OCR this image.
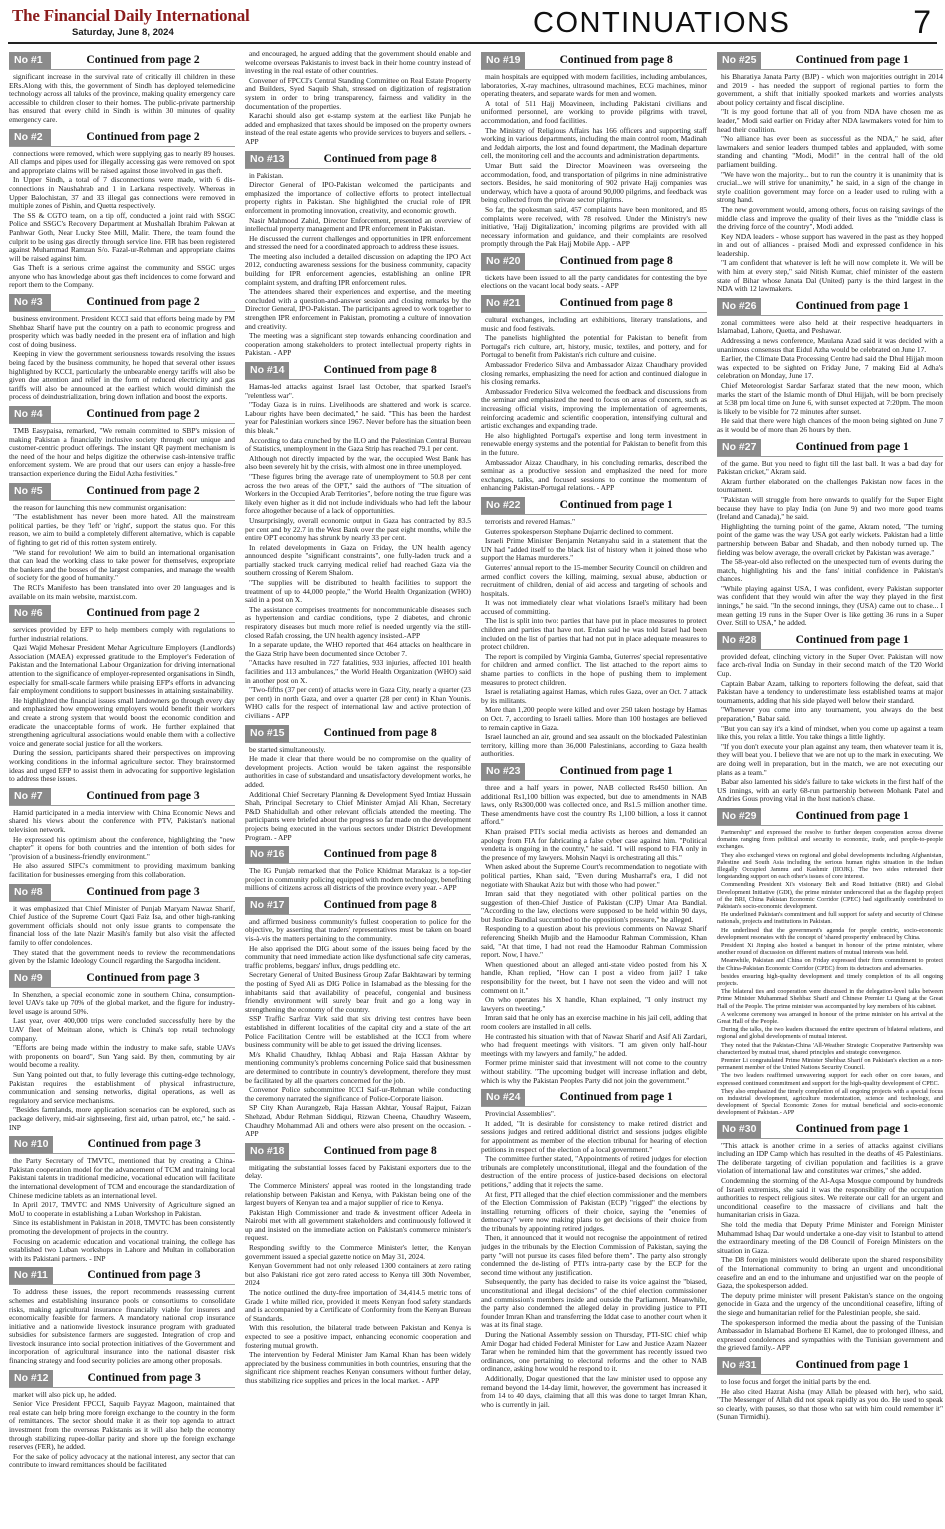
The Financial Daily International
Saturday, June 8, 2024	CONTINUATIONS	7
No #1	Continued from page 2

significant increase in the survival rate of critically ill children in these ERs.Along with this, the government of Sindh has deployed telemedicine technology across all taluks of the province, making quality emergency care accessible to children closer to their homes. The public-private partnership has ensured that every child in Sindh is within 30 minutes of quality emergency care.

No #2	Continued from page 2

connections were removed, which were supplying gas to nearly 89 houses. All clamps and pipes used for illegally accessing gas were removed on spot and appropriate claims will be raised against those involved in gas theft.

In Upper Sindh, a total of 7 disconnections were made, with 6 dis-connections in Naushahrab and 1 in Larkana respectively. Whereas in Upper Balochistan, 37 and 33 illegal gas connections were removed in multiple zones of Pishin, and Quetta respectively.

The SS & CGTO team, on a tip off, conducted a joint raid with SSGC Police and SSGC's Recovery Department at Mushallah Ibrahim Pakwan at Panhwar Goth, Near Lucky Stee Mill, Malir. There, the team found the culprit to be using gas directly through service line. FIR has been registered against Muhammad Ramzan S/o. Fazal-ur-Rehman and appropriate claims will be raised against him.

Gas Theft is a serious crime against the community and SSGC urges anyone who has knowledge about gas theft incidences to come forward and report them to the Company.

No #3	Continued from page 2

business environment. President KCCI said that efforts being made by PM Shehbaz Sharif have put the country on a path to economic progress and prosperity which was badly needed in the present era of inflation and high cost of doing business.

Keeping in view the government seriousness towards resolving the issues being faced by the business community, he hoped that several other issues highlighted by KCCI, particularly the unbearable energy tariffs will also be given due attention and relief in the form of reduced electricity and gas tariffs will also be announced at the earliest which would diminish the process of deindustrialization, bring down inflation and boost the exports.

No #4	Continued from page 2

TMB Easypaisa, remarked, "We remain committed to SBP's mission of making Pakistan a financially inclusive society through our unique and customer-centric product offerings. The instant QR payment mechanism is the need of the hour and helps digitize the otherwise cash-intensive traffic enforcement system. We are proud that our users can enjoy a hassle-free transaction experience during the Eidul Azha festivities."

No #5	Continued from page 2

the reason for launching this new communist organisation:

"The establishment has never been more hated. All the mainstream political parties, be they 'left' or 'right', support the status quo. For this reason, we aim to build a completely different alternative, which is capable of fighting to get rid of this rotten system entirely.

"We stand for revolution! We aim to build an international organisation that can lead the working class to take power for themselves, expropriate the bankers and the bosses of the largest companies, and manage the wealth of society for the good of humanity."

The RCI's Manifesto has been translated into over 20 languages and is available on its main website, marxist.com.

No #6	Continued from page 2

services provided by EFP to help members comply with regulations to further industrial relations.

Qazi Wajid Mehesar President Mehar Agriculture Employers (Landlords) Association (MAEA) expressed gratitude to the Employer's Federation of Pakistan and the International Labour Organization for driving international attention to the significance of employer-represented organisations in Sindh, especially for small-scale farmers while praising EFP's efforts in advancing fair employment conditions to support businesses in attaining sustainability.

He highlighted the financial issues small landowners go through every day and emphasized how empowering employers would benefit their workers and create a strong system that would boost the economic condition and eradicate the unacceptable forms of work. He further explained that strengthening agricultural associations would enable them with a collective voice and generate social justice for all the workers.

During the session, participants shared their perspectives on improving working conditions in the informal agriculture sector. They brainstormed ideas and urged EFP to assist them in advocating for supportive legislation to address these issues.

No #7	Continued from page 3

Hamid participated in a media interview with China Economic News and shared his views about the conference with PTV, Pakistan's national television network.

He expressed his optimism about the conference, highlighting the "new chapter" it opens for both countries and the intention of both sides for "provision of a business-friendly environment."

He also assured SIFC's commitment to providing maximum banking facilitation for businesses emerging from this collaboration.

No #8	Continued from page 3

it was emphasized that Chief Minister of Punjab Maryam Nawaz Sharif, Chief Justice of the Supreme Court Qazi Faiz Isa, and other high-ranking government officials should not only issue grants to compensate the financial loss of the late Nazir Masih's family but also visit the affected family to offer condolences.

They stated that the government needs to review the recommendations given by the Islamic Ideology Council regarding the Sargodha incident.

No #9	Continued from page 3

In Shenzhen, a special economic zone in southern China, consumption-level UAVs take up 70% of the global market, and the figure for industry-level usage is around 50%.

Last year, over 400,000 trips were concluded successfully here by the UAV fleet of Meituan alone, which is China's top retail technology company.

"Efforts are being made within the industry to make safe, stable UAVs with proponents on board", Sun Yang said. By then, commuting by air would become a reality.

Sun Yang pointed out that, to fully leverage this cutting-edge technology, Pakistan requires the establishment of physical infrastructure, communication and sensing networks, digital operations, as well as regulatory and service mechanisms.

"Besides farmlands, more application scenarios can be explored, such as package delivery, mid-air sightseeing, first aid, urban patrol, etc," he said. - INP

No #10	Continued from page 3

the Party Secretary of TMVTC, mentioned that by creating a China-Pakistan cooperation model for the advancement of TCM and training local Pakistani talents in traditional medicine, vocational education will facilitate the international development of TCM and encourage the standardization of Chinese medicine tablets as an international level.

In April 2017, TMVTC and NMS University of Agriculture signed an MoU to cooperate in establishing a Luban Workshop in Pakistan.

Since its establishment in Pakistan in 2018, TMVTC has been consistently promoting the development of projects in the country.

Focusing on academic education and vocational training, the college has established two Luban workshops in Lahore and Multan in collaboration with its Pakistani partners. - INP

No #11	Continued from page 3

To address these issues, the report recommends reassessing current schemes and establishing insurance pools or consortiums to consolidate risks, making agricultural insurance financially viable for insurers and economically feasible for farmers. A mandatory national crop insurance initiative and a nationwide livestock insurance program with graduated subsidies for subsistence farmers are suggested. Integration of crop and livestock insurance into social protection initiatives of the Government and incorporation of agricultural insurance into the national disaster risk financing strategy and food security policies are among other proposals.

No #12	Continued from page 3

market will also pick up, he added.

Senior Vice President FPCCI, Saquib Fayyaz Magoon, maintained that real estate can help bring more foreign exchange to the country in the form of remittances. The sector should make it as their top agenda to attract investment from the overseas Pakistanis as it will also help the economy through stabilizing rupee-dollar parity and shore up the foreign exchange reserves (FER), he added.

For the sake of policy advocacy at the national interest, any sector that can contribute to inward remittances should be facilitated

and encouraged, he argued adding that the government should enable and welcome overseas Pakistanis to invest back in their home country instead of investing in the real estate of other countries.

Convener of FPCCI's Central Standing Committee on Real Estate Property and Builders, Syed Saquib Shah, stressed on digitization of registration system in order to bring transparency, fairness and validity in the documentation of the properties.

Karachi should also get e-stamp system at the earliest like Punjab he added and emphasized that taxes should be imposed on the property owners instead of the real estate agents who provide services to buyers and sellers. - APP

No #13	Continued from page 8

in Pakistan.

Director General of IPO-Pakistan welcomed the participants and emphasized the importance of collective efforts to protect intellectual property rights in Pakistan. She highlighted the crucial role of IPR enforcement in promoting innovation, creativity, and economic growth.

Nasir Mahmood Zahid, Director Enforcement, presented an overview of intellectual property management and IPR enforcement in Pakistan.

He discussed the current challenges and opportunities in IPR enforcement and stressed the need for a coordinated approach to address these issues.

The meeting also included a detailed discussion on adapting the IPO Act 2012, conducting awareness sessions for the business community, capacity building for IPR enforcement agencies, establishing an online IPR complaint system, and drafting IPR enforcement rules.

The attendees shared their experiences and expertise, and the meeting concluded with a question-and-answer session and closing remarks by the Director General, IPO-Pakistan. The participants agreed to work together to strengthen IPR enforcement in Pakistan, promoting a culture of innovation and creativity.

The meeting was a significant step towards enhancing coordination and cooperation among stakeholders to protect intellectual property rights in Pakistan. - APP

No #14	Continued from page 8

Hamas-led attacks against Israel last October, that sparked Israel's "relentless war".

"Today Gaza is in ruins. Livelihoods are shattered and work is scarce. Labour rights have been decimated," he said. "This has been the hardest year for Palestinian workers since 1967. Never before has the situation been this bleak."

According to data crunched by the ILO and the Palestinian Central Bureau of Statistics, unemployment in the Gaza Strip has reached 79.1 per cent.

Although not directly impacted by the war, the occupied West Bank has also been severely hit by the crisis, with almost one in three unemployed.

"These figures bring the average rate of unemployment to 50.8 per cent across the two areas of the OPT," said the authors of "The situation of Workers in the Occupied Arab Territories", before noting the true figure was likely even higher as it did not include individuals who had left the labour force altogether because of a lack of opportunities.

Unsurprisingly, overall economic output in Gaza has contracted by 83.5 per cent and by 22.7 in the West Bank over the past eight months, while the entire OPT economy has shrunk by nearly 33 per cent.

In related developments in Gaza on Friday, the UN health agency announced despite "significant constraints", one fully-laden truck and a partially stacked truck carrying medical relief had reached Gaza via the southern crossing of Kerem Shalom.

"The supplies will be distributed to health facilities to support the treatment of up to 44,000 people," the World Health Organization (WHO) said in a post on X.

The assistance comprises treatments for noncommunicable diseases such as hypertension and cardiac conditions, type 2 diabetes, and chronic respiratory diseases but much more relief is needed urgently via the still-closed Rafah crossing, the UN health agency insisted.-APP

In a separate update, the WHO reported that 464 attacks on healthcare in the Gaza Strip have been documented since October 7.

"Attacks have resulted in 727 fatalities, 933 injuries, affected 101 health facilities and 113 ambulances," the World Health Organization (WHO) said in another post on X.

"Two-fifths (37 per cent) of attacks were in Gaza City, nearly a quarter (23 per cent) in north Gaza, and over a quarter (28 per cent) in Khan Younis. WHO calls for the respect of international law and active protection of civilians - APP

No #15	Continued from page 8

be started simultaneously.

He made it clear that there would be no compromise on the quality of development projects. Action would be taken against the responsible authorities in case of substandard and unsatisfactory development works, he added.

Additional Chief Secretary Planning & Development Syed Imtiaz Hussain Shah, Principal Secretary to Chief Minister Amjad Ali Khan, Secretary P&D Shahidullah and other relevant officials attended the meeting. The participants were briefed about the progress so far made on the development projects being executed in the various sectors under District Development Program. - APP

No #16	Continued from page 8

The IG Punjab remarked that the Police Khidmat Marakaz is a top-tier project in community policing equipped with modern technology, benefiting millions of citizens across all districts of the province every year. - APP

No #17	Continued from page 8

and affirmed business community's fullest cooperation to police for the objective, by asserting that traders' representatives must be taken on board vis-à-vis the matters pertaining to the community.

He also apprised the DIG about some of the issues being faced by the community that need immediate action like dysfunctional safe city cameras, traffic problems, beggars' influx, drugs peddling etc.

Secretary General of United Business Group Zafar Bakhtawari by terming the posting of Syed Ali as DIG Police in Islamabad as the blessing for the inhabitants said that availability of peaceful, congenial and business friendly environment will surely bear fruit and go a long way in strengthening the economy of the country.

SSP Traffic Sarfraz Virk said that six driving test centres have been established in different localities of the capital city and a state of the art Police Facilitation Centre will be established at the ICCI from where business community will be able to get issued the driving licenses.

M/s Khalid Chaudhry, Ikhlaq Abbasi and Raja Hassan Akhtar by mentioning community's problems concerning Police said that businessmen are determined to contribute in country's development, therefore they must be facilitated by all the quarters concerned for the job.

Convenor Police subcommittee ICCI Saif-ur-Rehman while conducting the ceremony narrated the significance of Police-Corporate liaison.

SP City Khan Aurangzeb, Raja Hassan Akhtar, Yousaf Rajput, Faizan Shehzad, Abdur Rehman Siddiqui, Rizwan Cheena, Chaudhry Waseem, Chaudhry Mohammad Ali and others were also present on the occasion. - APP

No #18	Continued from page 8

mitigating the substantial losses faced by Pakistani exporters due to the delay.

The Commerce Ministers' appeal was rooted in the longstanding trade relationship between Pakistan and Kenya, with Pakistan being one of the largest buyers of Kenyan tea and a major supplier of rice to Kenya.

Pakistan High Commissioner and trade & investment officer Adeela in Nairobi met with all government stakeholders and continuously followed it up and insisted on the immediate action on Pakistan's commerce minister's request.

Responding swiftly to the Commerce Minister's letter, the Kenyan government issued a special gazette notice on May 31, 2024.

Kenyan Government had not only released 1300 containers at zero rating but also Pakistani rice got zero rated access to Kenya till 30th November, 2024

The notice outlined the duty-free importation of 34,414.5 metric tons of Grade 1 white milled rice, provided it meets Kenyan food safety standards and is accompanied by a Certificate of Conformity from the Kenyan Bureau of Standards.

With this resolution, the bilateral trade between Pakistan and Kenya is expected to see a positive impact, enhancing economic cooperation and fostering mutual growth.

The intervention by Federal Minister Jam Kamal Khan has been widely appreciated by the business communities in both countries, ensuring that the significant rice shipment reaches Kenyan consumers without further delay, thus stabilizing rice supplies and prices in the local market. - APP

No #19	Continued from page 8

main hospitals are equipped with modern facilities, including ambulances, laboratories, X-ray machines, ultrasound machines, ECG machines, minor operating theaters, and separate wards for men and women.

A total of 511 Hajj Moavineen, including Pakistani civilians and uniformed personnel, are working to provide pilgrims with travel, accommodation, and food facilities.

The Ministry of Religious Affairs has 166 officers and supporting staff working in various departments, including the main control room, Madinah and Jeddah airports, the lost and found department, the Madinah departure cell, the monitoring cell and the accounts and administration departments.

Umar Butt said the Director Moavineen was overseeing the accommodation, food, and transportation of pilgrims in nine administrative sectors. Besides, he said monitoring of 902 private Hajj companies was underway, which have a quota of around 90,000 pilgrims, and feedback was being collected from the private sector pilgrims.

So far, the spokesman said, 457 complaints have been monitored, and 85 complaints were received, with 78 resolved. Under the Ministry's new initiative, 'Hajj Digitalization,' incoming pilgrims are provided with all necessary information and guidance, and their complaints are resolved promptly through the Pak Hajj Mobile App. - APP

No #20	Continued from page 8

tickets have been issued to all the party candidates for contesting the bye elections on the vacant local body seats. - APP

No #21	Continued from page 8

cultural exchanges, including art exhibitions, literary translations, and music and food festivals.

The panelists highlighted the potential for Pakistan to benefit from Portugal's rich culture, art, history, music, textiles, and pottery, and for Portugal to benefit from Pakistan's rich culture and cuisine.

Ambassador Frederico Silva and Ambassador Aizaz Chaudhary provided closing remarks, emphasizing the need for action and continued dialogue in his closing remarks.

Ambassador Frederico Silva welcomed the feedback and discussions from the seminar and emphasized the need to focus on areas of concern, such as increasing official visits, improving the implementation of agreements, reinforcing academic and scientific cooperation, intensifying cultural and artistic exchanges and expanding trade.

He also highlighted Portugal's expertise and long term investment in renewable energy systems and the potential for Pakistan to benefit from this in the future.

Ambassador Aizaz Chaudhary, in his concluding remarks, described the seminar as a productive session and emphasized the need for more exchanges, talks, and focused sessions to continue the momentum of enhancing Pakistan-Portugal relations. - APP

No #22	Continued from page 1

terrorists and revered Hamas."

Guterres spokesperson Stephane Dujarric declined to comment.

Israeli Prime Minister Benjamin Netanyahu said in a statement that the UN had "added itself to the black list of history when it joined those who support the Hamas murderers."

Guterres' annual report to the 15-member Security Council on children and armed conflict covers the killing, maiming, sexual abuse, abduction or recruitment of children, denial of aid access and targeting of schools and hospitals.

It was not immediately clear what violations Israel's military had been accused of committing.

The list is split into two: parties that have put in place measures to protect children and parties that have not. Erdan said he was told Israel had been included on the list of parties that had not put in place adequate measures to protect children.

The report is compiled by Virginia Gamba, Guterres' special representative for children and armed conflict. The list attached to the report aims to shame parties to conflicts in the hope of pushing them to implement measures to protect children.

Israel is retaliating against Hamas, which rules Gaza, over an Oct. 7 attack by its militants.

More than 1,200 people were killed and over 250 taken hostage by Hamas on Oct. 7, according to Israeli tallies. More than 100 hostages are believed to remain captive in Gaza.

Israel launched an air, ground and sea assault on the blockaded Palestinian territory, killing more than 36,000 Palestinians, according to Gaza health authorities.

No #23	Continued from page 1

three and a half years in power, NAB collected Rs450 billion. An additional Rs1,100 billion was expected, but due to amendments in NAB laws, only Rs300,000 was collected once, and Rs1.5 million another time. These amendments have cost the country Rs 1,100 billion, a loss it cannot afford."

Khan praised PTI's social media activists as heroes and demanded an apology from FIA for fabricating a false cyber case against him. "Political vendetta is ongoing in the country," he said. "I will respond to FIA only in the presence of my lawyers. Mohsin Naqvi is orchestrating all this."

When asked about the Supreme Court's recommendation to negotiate with political parties, Khan said, "Even during Musharraf's era, I did not negotiate with Shaukat Aziz but with those who had power."

Imran said that they negotiated with other political parties on the suggestion of then-Chief Justice of Pakistan (CJP) Umar Ata Bandial. "According to the law, elections were supposed to be held within 90 days, but Justice Bandial succumbed to the opposition's pressure," he alleged.

Responding to a question about his previous comments on Nawaz Sharif referencing Sheikh Mujib and the Hamoodur Rahman Commission, Khan said, "At that time, I had not read the Hamoodur Rahman Commission report. Now, I have."

When questioned about an alleged anti-state video posted from his X handle, Khan replied, "How can I post a video from jail? I take responsibility for the tweet, but I have not seen the video and will not comment on it."

On who operates his X handle, Khan explained, "I only instruct my lawyers on tweeting."

Imran said that he only has an exercise machine in his jail cell, adding that room coolers are installed in all cells.

He contrasted his situation with that of Nawaz Sharif and Asif Ali Zardari, who had frequent meetings with visitors. "I am given only half-hour meetings with my lawyers and family," he added.

Former prime minister said that investment will not come to the country without stability. "The upcoming budget will increase inflation and debt, which is why the Pakistan Peoples Party did not join the government."

No #24	Continued from page 1

Provincial Assemblies".

It added, "It is desirable for consistency to make retired district and sessions judges and retired additional district and sessions judges eligible for appointment as member of the election tribunal for hearing of election petitions in respect of the election of a local government."

The committee further stated, "Appointments of retired judges for election tribunals are completely unconstitutional, illegal and the foundation of the destruction of the entire process of justice-based decisions on electoral petitions," adding that it rejects the same.

At first, PTI alleged that the chief election commissioner and the members of the Election Commission of Pakistan (ECP) "rigged" the elections by installing returning officers of their choice, saying the "enemies of democracy" were now making plans to get decisions of their choice from the tribunals by appointing retired judges.

Then, it announced that it would not recognise the appointment of retired judges in the tribunals by the Election Commission of Pakistan, saying the party "will not pursue its cases filed before them". The party also strongly condemned the de-listing of PTI's intra-party case by the ECP for the second time without any justification.

Subsequently, the party has decided to raise its voice against the "biased, unconstitutional and illegal decisions" of the chief election commissioner and commission's members inside and outside the Parliament. Meanwhile, the party also condemned the alleged delay in providing justice to PTI founder Imran Khan and transferring the Iddat case to another court when it was at its final stage.

During the National Assembly session on Thursday, PTI-SIC chief whip Amir Dogar had chided Federal Minister for Law and Justice Azam Nazeer Tarar when he reminded him that the government has recently issued two ordinances, one pertaining to electoral reforms and the other to NAB ordinance, asking how would he respond to it.

Additionally, Dogar questioned that the law minister used to oppose any remand beyond the 14-day limit, however, the government has increased it from 14 to 40 days, claiming that all this was done to target Imran Khan, who is currently in jail.

No #25	Continued from page 1

his Bharatiya Janata Party (BJP) - which won majorities outright in 2014 and 2019 - has needed the support of regional parties to form the government, a shift that initially spooked markets and worries analysts about policy certainty and fiscal discipline.

"It is my good fortune that all of you from NDA have chosen me as leader," Modi said earlier on Friday after NDA lawmakers voted for him to head their coalition.

"No alliance has ever been as successful as the NDA," he said, after lawmakers and senior leaders thumped tables and applauded, with some standing and chanting "Modi, Modi!" in the central hall of the old parliament building.

"We have won the majority... but to run the country it is unanimity that is crucial...we will strive for unanimity," he said, in a sign of the change in style coalition government may force on a leader used to ruling with a strong hand.

The new government would, among others, focus on raising savings of the middle class and improve the quality of their lives as the "middle class is the driving force of the country", Modi added.

Key NDA leaders - whose support has wavered in the past as they hopped in and out of alliances - praised Modi and expressed confidence in his leadership.

"I am confident that whatever is left he will now complete it. We will be with him at every step," said Nitish Kumar, chief minister of the eastern state of Bihar whose Janata Dal (United) party is the third largest in the NDA with 12 lawmakers.

No #26	Continued from page 1

zonal committees were also held at their respective headquarters in Islamabad, Lahore, Quetta, and Peshawar.

Addressing a news conference, Maulana Azad said it was decided with a unanimous consensus that Eidul Azha would be celebrated on June 17.

Earlier, the Climate Data Processing Centre had said the Dhul Hijjah moon was expected to be sighted on Friday June, 7 making Eid al Adha's celebration on Monday, June 17.

Chief Meteorologist Sardar Sarfaraz stated that the new moon, which marks the start of the Islamic month of Dhul Hijjah, will be born precisely at 5:38 pm local time on June 6, with sunset expected at 7:20pm. The moon is likely to be visible for 72 minutes after sunset.

He said that there were high chances of the moon being sighted on June 7 as it would be of more than 26 hours by then.

No #27	Continued from page 1

of the game. But you need to fight till the last ball. It was a bad day for Pakistan cricket," Akram said.

Akram further elaborated on the challenges Pakistan now faces in the tournament.

"Pakistan will struggle from here onwards to qualify for the Super Eight because they have to play India (on June 9) and two more good teams (Ireland and Canada)," he said.

Highlighting the turning point of the game, Akram noted, "The turning point of the game was the way USA got early wickets. Pakistan had a little partnership between Babar and Shadab, and then nobody turned up. The fielding was below average, the overall cricket by Pakistan was average."

The 58-year-old also reflected on the unexpected turn of events during the match, highlighting his and the fans' initial confidence in Pakistan's chances.

"While playing against USA, I was confident, every Pakistan supporter was confident that they would win after the way they played in the first innings," he said. "In the second innings, they (USA) came out to chase... I mean getting 19 runs in the Super Over is like getting 36 runs in a Super Over. Still to USA," he added.

No #28	Continued from page 1

provided defeat, clinching victory in the Super Over. Pakistan will now face arch-rival India on Sunday in their second match of the T20 World Cup.

Captain Babar Azam, talking to reporters following the defeat, said that Pakistan have a tendency to underestimate less established teams at major tournaments, adding that his side played well below their standard.

"Whenever you come into any tournament, you always do the best preparation," Babar said.

"But you can say it's a kind of mindset, when you come up against a team like this, you relax a little. You take things a little lightly.

"If you don't execute your plan against any team, then whatever team it is, they will beat you. I believe that we are not up to the mark in executing. We are doing well in preparation, but in the match, we are not executing our plans as a team."

Babar also lamented his side's failure to take wickets in the first half of the US innings, with an early 68-run partnership between Mohank Patel and Andries Gous proving vital in the host nation's chase.

No #29	Continued from page 1

Partnership" and expressed the resolve to further deepen cooperation across diverse domains ranging from political and security to economic, trade, and people-to-people exchanges.

They also exchanged views on regional and global developments including Afghanistan, Palestine and South Asia including the serious human rights situation in the Indian Illegally Occupied Jammu and Kashmir (IIOJK). The two sides reiterated their longstanding support on each other's issues of core interest.

Commending President Xi's visionary Belt and Road Initiative (BRI) and Global Development Initiative (GDI), the prime minister underscored that as the flagship project of the BRI, China Pakistan Economic Corridor (CPEC) had significantly contributed to Pakistan's socio-economic development.

He underlined Pakistan's commitment and full support for safety and security of Chinese nationals, projects and institutions in Pakistan.

He underlined that the government's agenda for people centric, socio-economic development resonates with the concept of 'shared prosperity' embraced by China.

President Xi Jinping also hosted a banquet in honour of the prime minister, where another round of discussion on different matters of mutual interests was held.

Meanwhile, Pakistan and China on Friday expressed their firm commitment to protect the China-Pakistan Economic Corridor (CPEC) from its detractors and adversaries.

besides ensuring high-quality development and timely completion of its all ongoing projects.

The bilateral ties and cooperation were discussed in the delegation-level talks between Prime Minister Muhammad Shehbaz Sharif and Chinese Premier Li Qiang at the Great Hall of the People. The prime minister was accompanied by key members of his cabinet.

A welcome ceremony was arranged in honour of the prime minister on his arrival at the Great Hall of the People.

During the talks, the two leaders discussed the entire spectrum of bilateral relations, and regional and global developments of mutual interest.

They noted that the Pakistan-China 'All-Weather Strategic Cooperative Partnership was characterized by mutual trust, shared principles and strategic convergence.

Premier Li congratulated Prime Minister Shehbaz Sharif on Pakistan's election as a non-permanent member of the United Nations Security Council.

The two leaders reaffirmed unwavering support for each other on core issues, and expressed continued commitment and support for the high-quality development of CPEC.

They also emphasized the timely completion of all ongoing projects with a special focus on industrial development, agriculture modernization, science and technology, and development of Special Economic Zones for mutual beneficial and socio-economic development of Pakistan.- APP

No #30	Continued from page 1

"This attack is another crime in a series of attacks against civilians including an IDP Camp which has resulted in the deaths of 45 Palestinians. The deliberate targeting of civilian population and facilities is a grave violation of international law and constitutes war crimes," she added.

Condemning the storming of the Al-Aqsa Mosque compound by hundreds of Israeli extremists, she said it was the responsibility of the occupation authorities to respect religious sites. We reiterate our call for an urgent and unconditional ceasefire to the massacre of civilians and halt the humanitarian crisis in Gaza.

She told the media that Deputy Prime Minister and Foreign Minister Muhammad Ishaq Dar would undertake a one-day visit to Istanbul to attend the extraordinary meeting of the D8 Council of Foreign Ministers on the situation in Gaza.

The D8 foreign ministers would deliberate upon the shared responsibility of the International community to bring an urgent and unconditional ceasefire and an end to the inhumane and unjustified war on the people of Gaza, the spokesperson added.

The deputy prime minister will present Pakistan's stance on the ongoing genocide in Gaza and the urgency of the unconditional ceasefire, lifting of the siege and humanitarian relief for the Palestinian people, she said.

The spokesperson informed the media about the passing of the Tunisian Ambassador in Islamabad Borhene El Kamel, due to prolonged illness, and expressed condolences and sympathies with the Tunisian government and the grieved family.- APP

No #31	Continued from page 1

to lose focus and forget the initial parts by the end.

He also cited Hazrat Aisha (may Allah be pleased with her), who said, "The Messenger of Allah did not speak rapidly as you do. He used to speak so clearly, with pauses, so that those who sat with him could remember it" (Sunan Tirmidhi).
